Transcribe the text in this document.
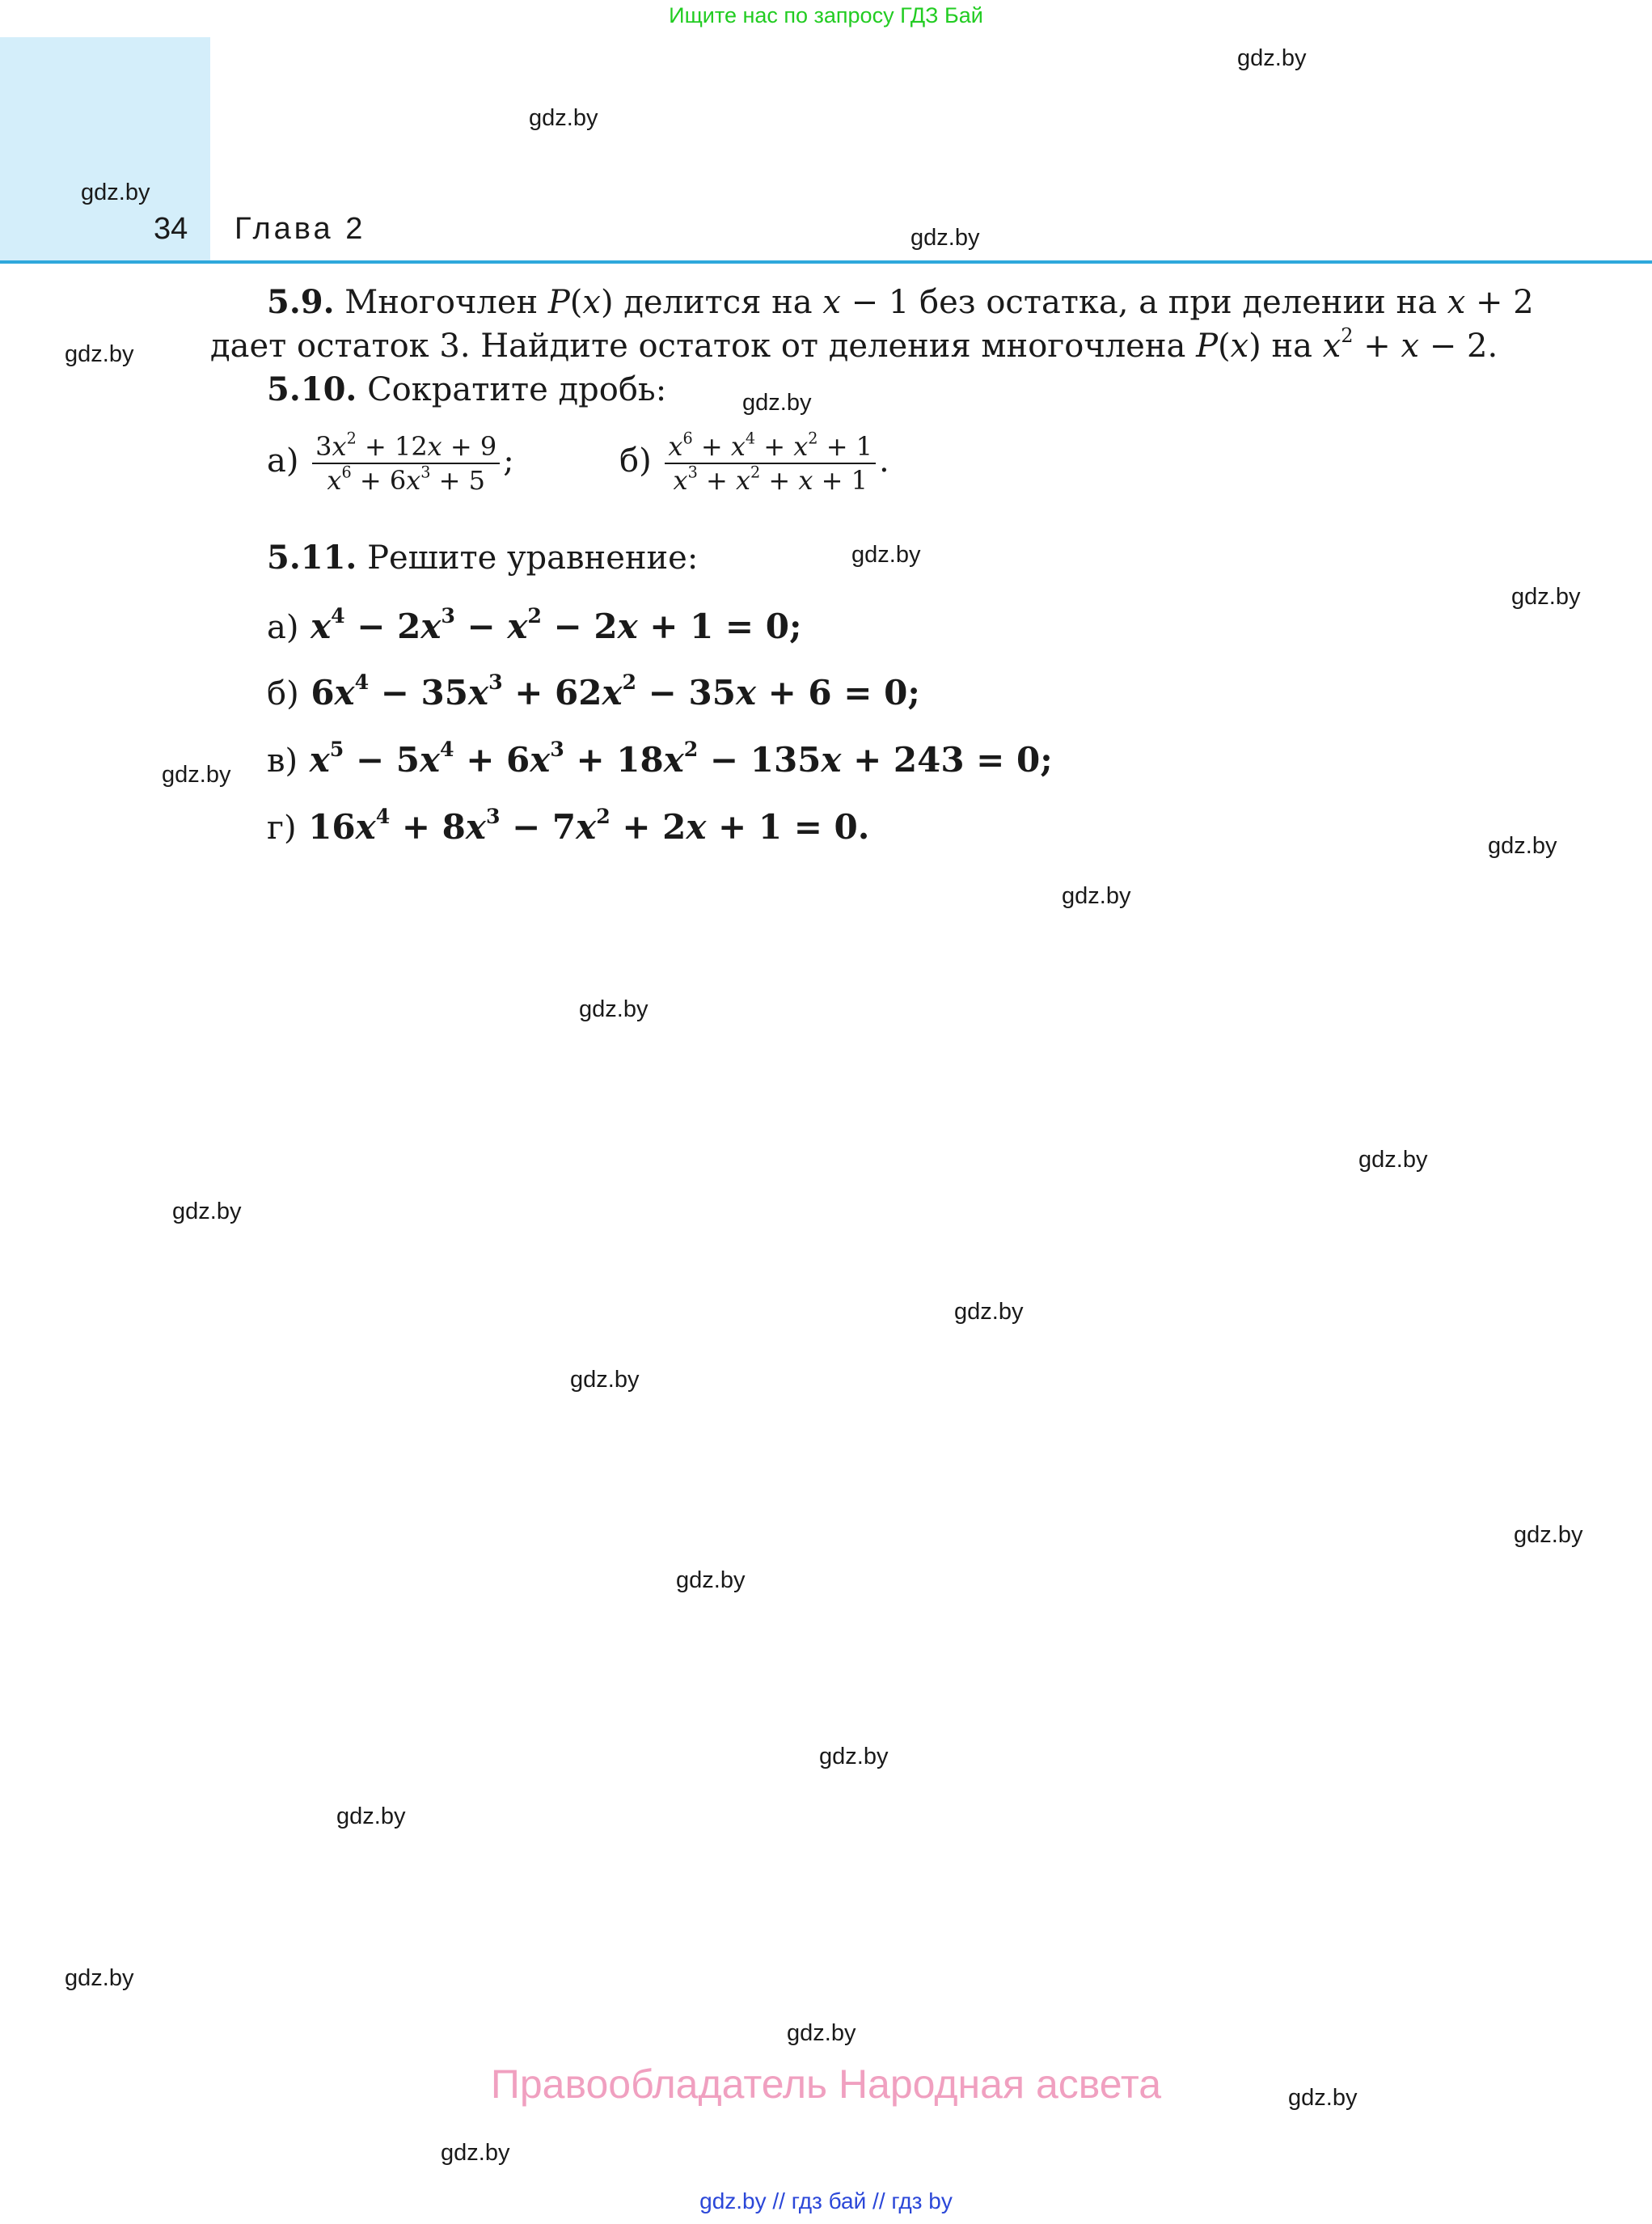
Ищите нас по запросу ГДЗ Бай
34 Глава 2
gdz.by
gdz.by
gdz.by
gdz.by
gdz.by
gdz.by
gdz.by
gdz.by
gdz.by
gdz.by
gdz.by
gdz.by
gdz.by
gdz.by
gdz.by
gdz.by
gdz.by
gdz.by
gdz.by
gdz.by
gdz.by
gdz.by
gdz.by
gdz.by
5.9. Многочлен P(x) делится на x − 1 без остатка, а при делении на x + 2
дает остаток 3. Найдите остаток от деления многочлена P(x) на $x^2 + x - 2$.
5.10. Сократите дробь:
$а) \frac{3x^2 + 12x + 9}{x^6 + 6x^3 + 5}$ ;	$б) \frac{x^6 + x^4 + x^2 + 1}{x^3 + x^2 + x + 1}$ .
5.11. Решите уравнение:
а) $x^4 - 2x^3 - x^2 - 2x + 1 = 0$;
б) $6x^4 - 35x^3 + 62x^2 - 35x + 6 = 0$;
в) $x^5 - 5x^4 + 6x^3 + 18x^2 - 135x + 243 = 0$;
г) $16x^4 + 8x^3 - 7x^2 + 2x + 1 = 0$.
Правообладатель Народная асвета
gdz.by // гдз бай // гдз by
